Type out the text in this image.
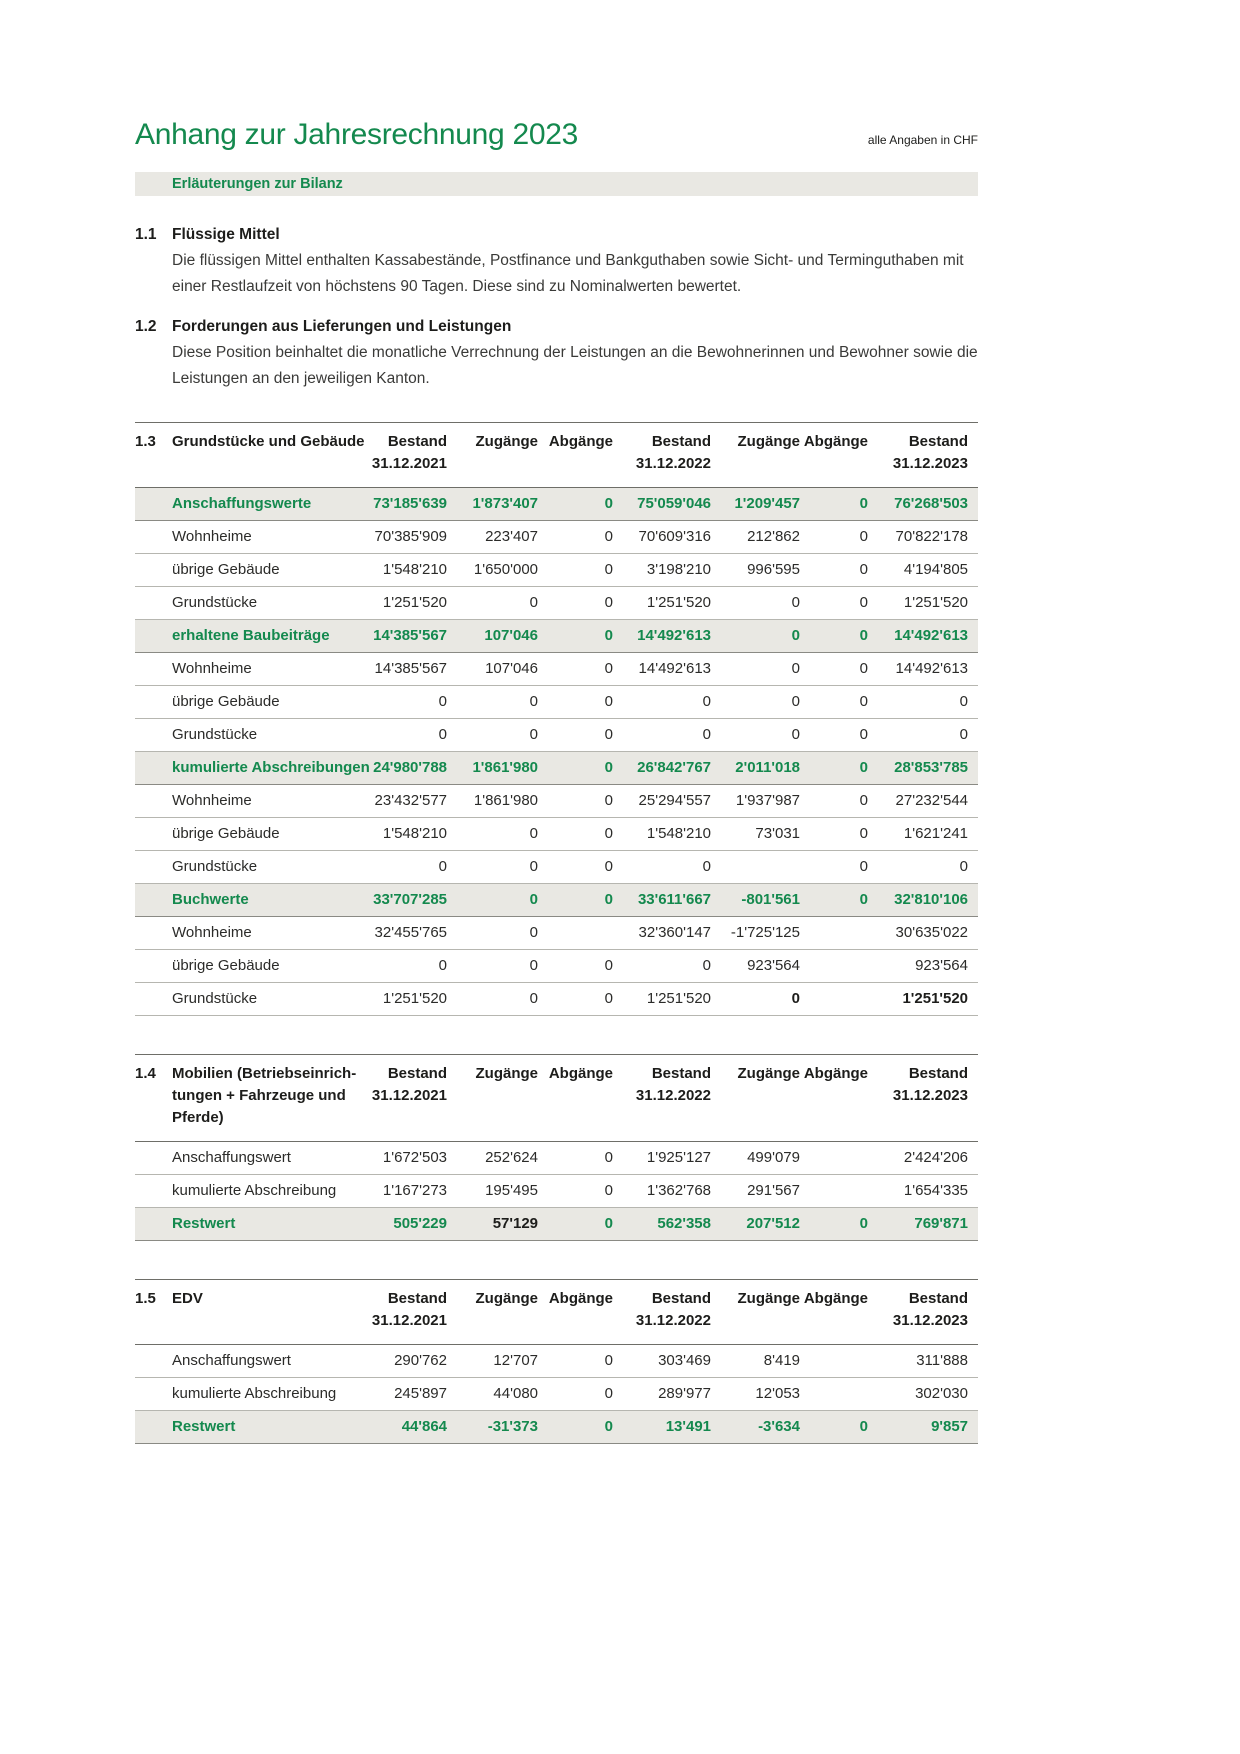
Anhang zur Jahresrechnung 2023	alle Angaben in CHF
Erläuterungen zur Bilanz
1.1 Flüssige Mittel

Die flüssigen Mittel enthalten Kassabestände, Postfinance und Bankguthaben sowie Sicht- und Terminguthaben mit einer Restlaufzeit von höchstens 90 Tagen. Diese sind zu Nominalwerten bewertet.

1.2 Forderungen aus Lieferungen und Leistungen

Diese Position beinhaltet die monatliche Verrechnung der Leistungen an die Bewohnerinnen und Bewohner sowie die Leistungen an den jeweiligen Kanton.

1.3	Grundstücke und Gebäude	Bestand
31.12.2021

Zugänge	Abgänge	Bestand
31.12.2022

Zugänge	Abgänge	Bestand
31.12.2023

	Anschaffungswerte	73'185'639	1'873'407	0	75'059'046	1'209'457	0	76'268'503
	Wohnheime	70'385'909	223'407	0	70'609'316	212'862	0	70'822'178
	übrige Gebäude	1'548'210	1'650'000	0	3'198'210	996'595	0	4'194'805
	Grundstücke	1'251'520	0	0	1'251'520	0	0	1'251'520
	erhaltene Baubeiträge	14'385'567	107'046	0	14'492'613	0	0	14'492'613
	Wohnheime	14'385'567	107'046	0	14'492'613	0	0	14'492'613
	übrige Gebäude	0	0	0	0	0	0	0
	Grundstücke	0	0	0	0	0	0	0
	kumulierte Abschreibungen	24'980'788	1'861'980	0	26'842'767	2'011'018	0	28'853'785
	Wohnheime	23'432'577	1'861'980	0	25'294'557	1'937'987	0	27'232'544
	übrige Gebäude	1'548'210	0	0	1'548'210	73'031	0	1'621'241
	Grundstücke	0	0	0	0		0	0
	Buchwerte	33'707'285	0	0	33'611'667	-801'561	0	32'810'106
	Wohnheime	32'455'765	0		32'360'147	-1'725'125		30'635'022
	übrige Gebäude	0	0	0	0	923'564		923'564
	Grundstücke	1'251'520	0	0	1'251'520	0		1'251'520
1.4	Mobilien (Betriebseinrich-
tungen + Fahrzeuge und
Pferde)

Bestand
31.12.2021

Zugänge	Abgänge	Bestand
31.12.2022

Zugänge	Abgänge	Bestand
31.12.2023

	Anschaffungswert	1'672'503	252'624	0	1'925'127	499'079		2'424'206
	kumulierte Abschreibung	1'167'273	195'495	0	1'362'768	291'567		1'654'335
	Restwert	505'229	57'129	0	562'358	207'512	0	769'871
1.5	EDV	Bestand
31.12.2021

Zugänge	Abgänge	Bestand
31.12.2022

Zugänge	Abgänge	Bestand
31.12.2023

	Anschaffungswert	290'762	12'707	0	303'469	8'419		311'888
	kumulierte Abschreibung	245'897	44'080	0	289'977	12'053		302'030
	Restwert	44'864	-31'373	0	13'491	-3'634	0	9'857
